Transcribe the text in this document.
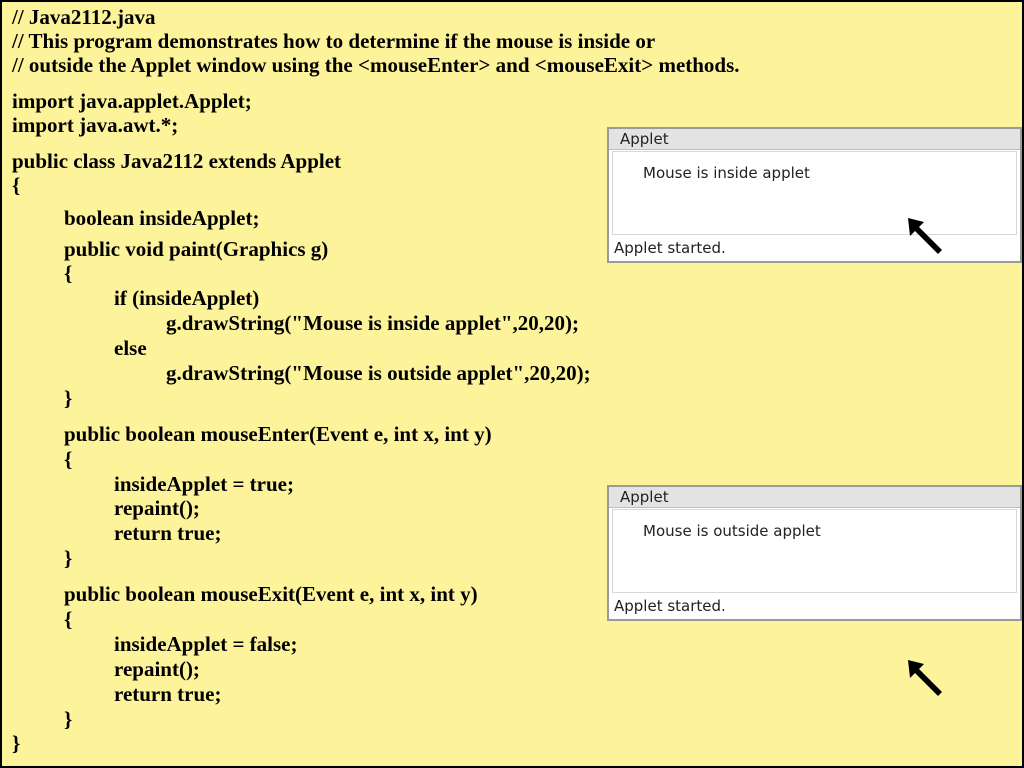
// Java2112.java
// This program demonstrates how to determine if the mouse is inside or
// outside the Applet window using the <mouseEnter> and <mouseExit> methods.
import java.applet.Applet;
import java.awt.*;
public class Java2112 extends Applet
{
boolean insideApplet;
public void paint(Graphics g)
{
if (insideApplet)
g.drawString("Mouse is inside applet",20,20);
else
g.drawString("Mouse is outside applet",20,20);
}
public boolean mouseEnter(Event e, int x, int y)
{
insideApplet = true;
repaint();
return true;
}
public boolean mouseExit(Event e, int x, int y)
{
insideApplet = false;
repaint();
return true;
}
}
Applet
Mouse is inside applet
Applet started.
Applet
Mouse is outside applet
Applet started.
